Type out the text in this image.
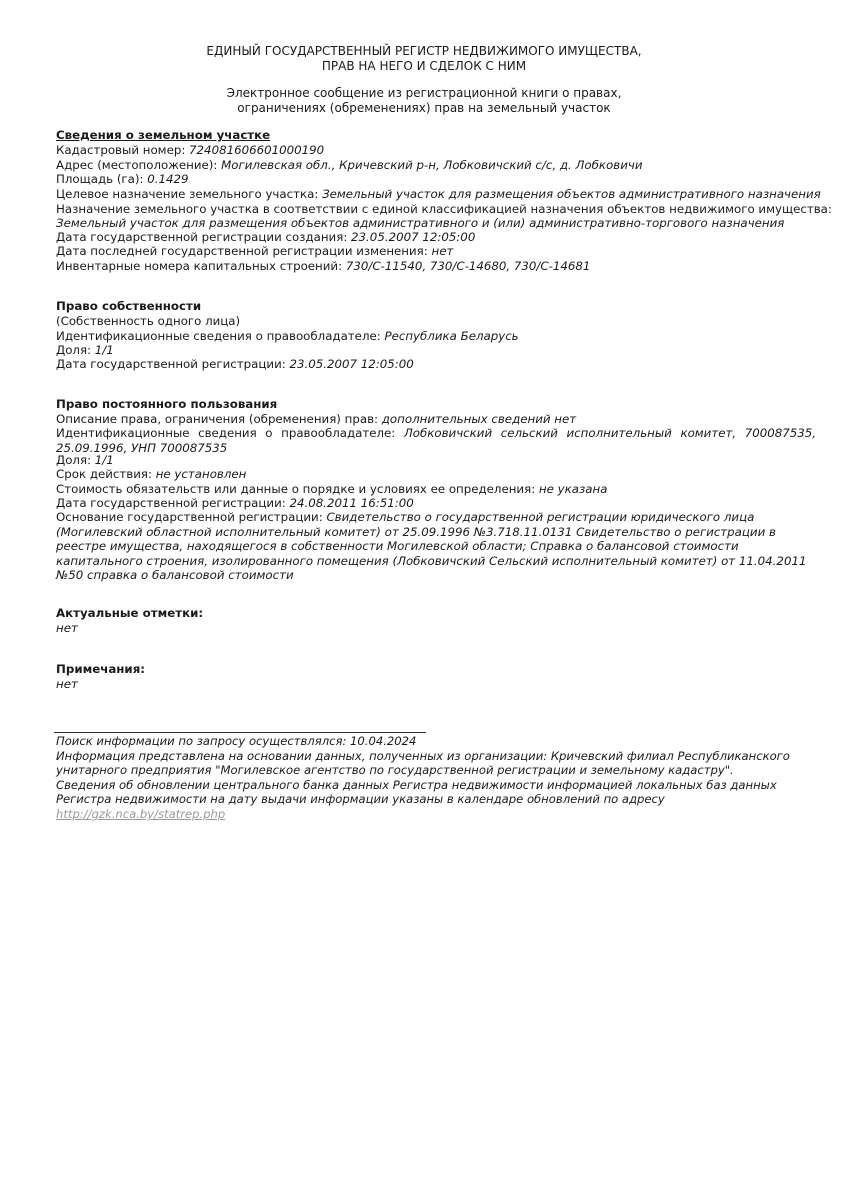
ЕДИНЫЙ ГОСУДАРСТВЕННЫЙ РЕГИСТР НЕДВИЖИМОГО ИМУЩЕСТВА,
ПРАВ НА НЕГО И СДЕЛОК С НИМ
Электронное сообщение из регистрационной книги о правах,
ограничениях (обременениях) прав на земельный участок
Сведения о земельном участке
Кадастровый номер: 724081606601000190
Адрес (местоположение): Могилевская обл., Кричевский р-н, Лобковичский с/с, д. Лобковичи
Площадь (га): 0.1429
Целевое назначение земельного участка: Земельный участок для размещения объектов административного назначения
Назначение земельного участка в соответствии с единой классификацией назначения объектов недвижимого имущества:
Земельный участок для размещения объектов административного и (или) административно-торгового назначения
Дата государственной регистрации создания: 23.05.2007 12:05:00
Дата последней государственной регистрации изменения: нет
Инвентарные номера капитальных строений: 730/С-11540, 730/С-14680, 730/С-14681
Право собственности
(Собственность одного лица)
Идентификационные сведения о правообладателе: Республика Беларусь
Доля: 1/1
Дата государственной регистрации: 23.05.2007 12:05:00
Право постоянного пользования
Описание права, ограничения (обременения) прав: дополнительных сведений нет
Идентификационные сведения о правообладателе: Лобковичский сельский исполнительный комитет, 700087535, 25.09.1996, УНП 700087535
Доля: 1/1
Срок действия: не установлен
Стоимость обязательств или данные о порядке и условиях ее определения: не указана
Дата государственной регистрации: 24.08.2011 16:51:00
Основание государственной регистрации: Свидетельство о государственной регистрации юридического лица (Могилевский областной исполнительный комитет) от 25.09.1996 №3.718.11.0131 Свидетельство о регистрации в реестре имущества, находящегося в собственности Могилевской области; Справка о балансовой стоимости капитального строения, изолированного помещения (Лобковичский Сельский исполнительный комитет) от 11.04.2011 №50 справка о балансовой стоимости
Актуальные отметки:
нет
Примечания:
нет
Поиск информации по запросу осуществлялся: 10.04.2024
Информация представлена на основании данных, полученных из организации: Кричевский филиал Республиканского унитарного предприятия "Могилевское агентство по государственной регистрации и земельному кадастру".
Сведения об обновлении центрального банка данных Регистра недвижимости информацией локальных баз данных Регистра недвижимости на дату выдачи информации указаны в календаре обновлений по адресу
http://gzk.nca.by/statrep.php
